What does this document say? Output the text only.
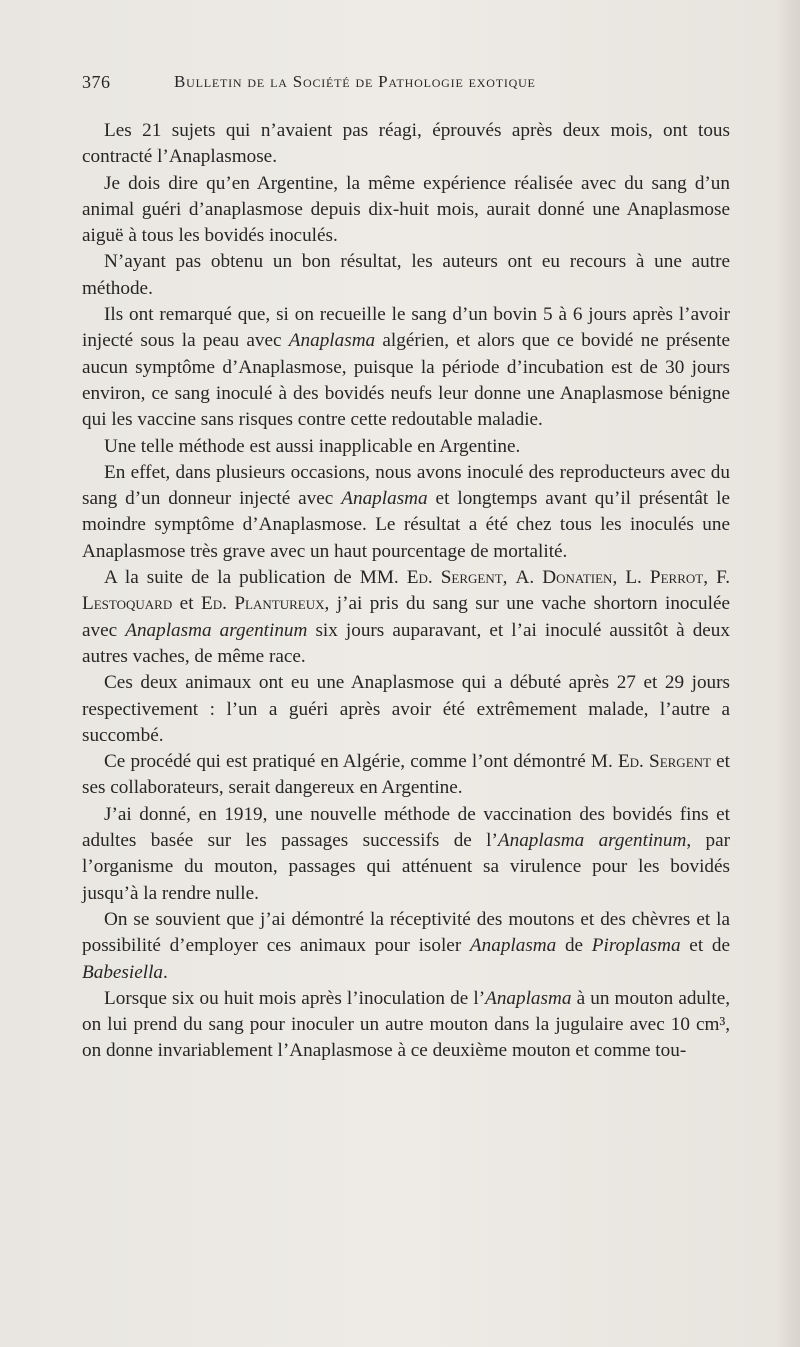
376	Bulletin de la Société de Pathologie exotique

Les 21 sujets qui n’avaient pas réagi, éprouvés après deux mois, ont tous contracté l’Anaplasmose.

Je dois dire qu’en Argentine, la même expérience réalisée avec du sang d’un animal guéri d’anaplasmose depuis dix-huit mois, aurait donné une Anaplasmose aiguë à tous les bovidés inoculés.

N’ayant pas obtenu un bon résultat, les auteurs ont eu recours à une autre méthode.

Ils ont remarqué que, si on recueille le sang d’un bovin 5 à 6 jours après l’avoir injecté sous la peau avec Anaplasma algérien, et alors que ce bovidé ne présente aucun symptôme d’Anaplasmose, puisque la période d’incubation est de 30 jours environ, ce sang inoculé à des bovidés neufs leur donne une Anaplasmose bénigne qui les vaccine sans risques contre cette redoutable maladie.

Une telle méthode est aussi inapplicable en Argentine.

En effet, dans plusieurs occasions, nous avons inoculé des reproducteurs avec du sang d’un donneur injecté avec Anaplasma et longtemps avant qu’il présentât le moindre symptôme d’Anaplasmose. Le résultat a été chez tous les inoculés une Anaplasmose très grave avec un haut pourcentage de mortalité.

A la suite de la publication de MM. Ed. Sergent, A. Donatien, L. Perrot, F. Lestoquard et Ed. Plantureux, j’ai pris du sang sur une vache shortorn inoculée avec Anaplasma argentinum six jours auparavant, et l’ai inoculé aussitôt à deux autres vaches, de même race.

Ces deux animaux ont eu une Anaplasmose qui a débuté après 27 et 29 jours respectivement : l’un a guéri après avoir été extrêmement malade, l’autre a succombé.

Ce procédé qui est pratiqué en Algérie, comme l’ont démontré M. Ed. Sergent et ses collaborateurs, serait dangereux en Argentine.

J’ai donné, en 1919, une nouvelle méthode de vaccination des bovidés fins et adultes basée sur les passages successifs de l’Anaplasma argentinum, par l’organisme du mouton, passages qui atténuent sa virulence pour les bovidés jusqu’à la rendre nulle.

On se souvient que j’ai démontré la réceptivité des moutons et des chèvres et la possibilité d’employer ces animaux pour isoler Anaplasma de Piroplasma et de Babesiella.

Lorsque six ou huit mois après l’inoculation de l’Anaplasma à un mouton adulte, on lui prend du sang pour inoculer un autre mouton dans la jugulaire avec 10 cm³, on donne invariablement l’Anaplasmose à ce deuxième mouton et comme tou-
